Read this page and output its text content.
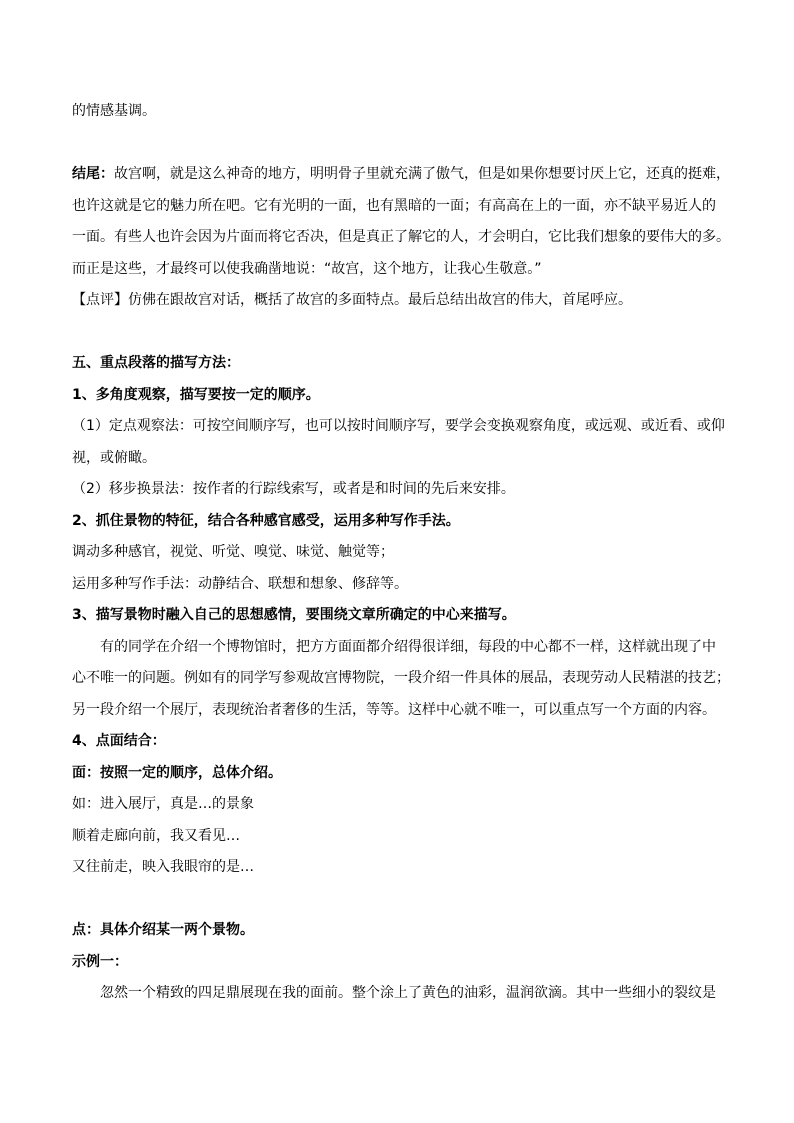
的情感基调。
结尾：故宫啊，就是这么神奇的地方，明明骨子里就充满了傲气，但是如果你想要讨厌上它，还真的挺难，
也许这就是它的魅力所在吧。它有光明的一面，也有黑暗的一面；有高高在上的一面，亦不缺平易近人的
一面。有些人也许会因为片面而将它否决，但是真正了解它的人，才会明白，它比我们想象的要伟大的多。
而正是这些，才最终可以使我确凿地说：“故宫，这个地方，让我心生敬意。”
【点评】仿佛在跟故宫对话，概括了故宫的多面特点。最后总结出故宫的伟大，首尾呼应。
五、重点段落的描写方法：
1、多角度观察，描写要按一定的顺序。
（1）定点观察法：可按空间顺序写，也可以按时间顺序写，要学会变换观察角度，或远观、或近看、或仰
视，或俯瞰。
（2）移步换景法：按作者的行踪线索写，或者是和时间的先后来安排。
2、抓住景物的特征，结合各种感官感受，运用多种写作手法。
调动多种感官，视觉、听觉、嗅觉、味觉、触觉等；
运用多种写作手法：动静结合、联想和想象、修辞等。
3、描写景物时融入自己的思想感情，要围绕文章所确定的中心来描写。
有的同学在介绍一个博物馆时，把方方面面都介绍得很详细，每段的中心都不一样，这样就出现了中
心不唯一的问题。例如有的同学写参观故宫博物院，一段介绍一件具体的展品，表现劳动人民精湛的技艺；
另一段介绍一个展厅，表现统治者奢侈的生活，等等。这样中心就不唯一，可以重点写一个方面的内容。
4、点面结合：
面：按照一定的顺序，总体介绍。
如：进入展厅，真是…的景象
顺着走廊向前，我又看见…
又往前走，映入我眼帘的是…
点：具体介绍某一两个景物。
示例一：
忽然一个精致的四足鼎展现在我的面前。整个涂上了黄色的油彩，温润欲滴。其中一些细小的裂纹是
